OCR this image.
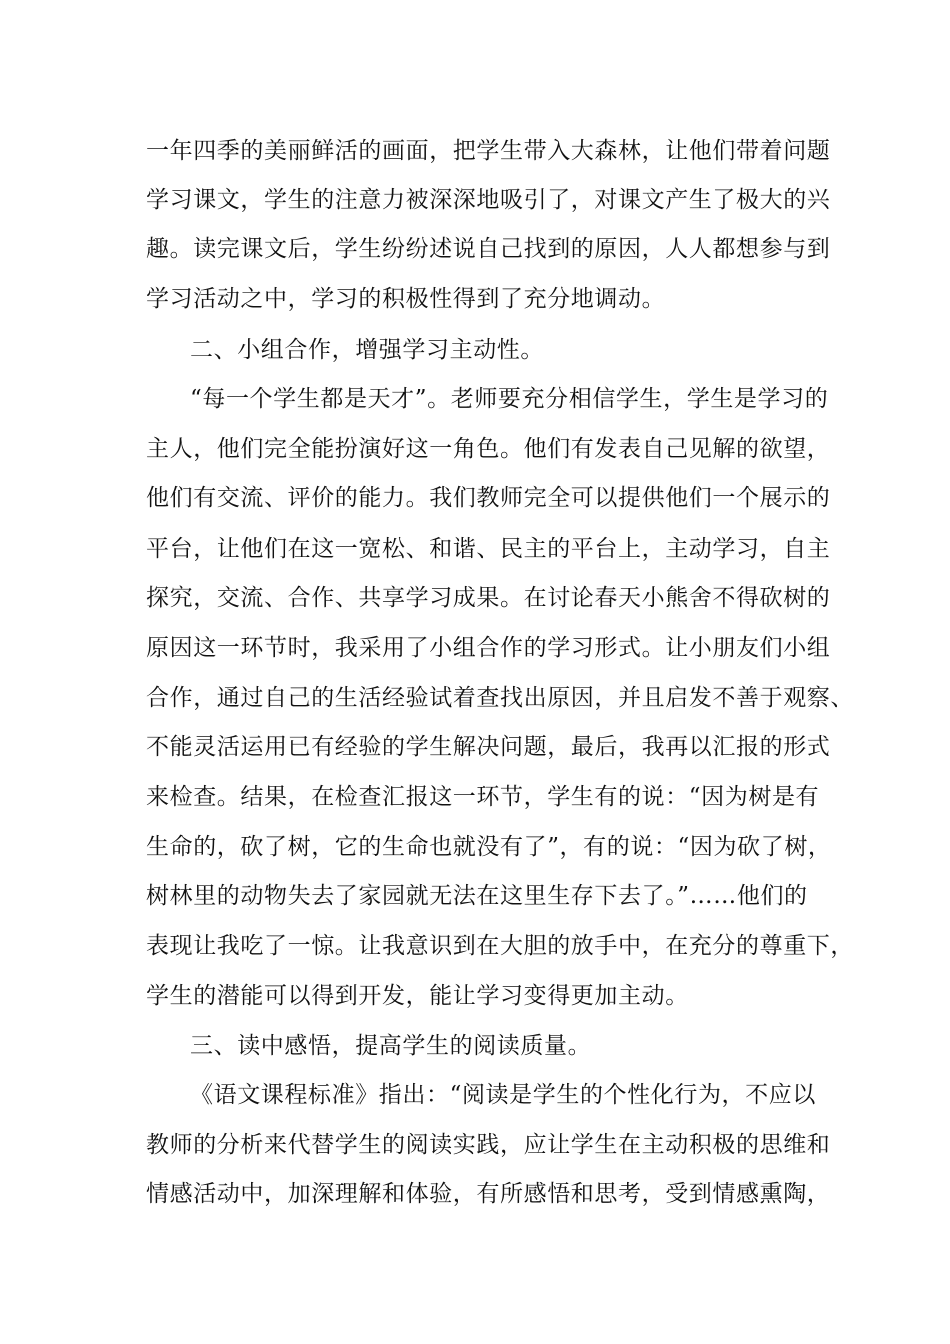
一年四季的美丽鲜活的画面，把学生带入大森林，让他们带着问题
学习课文，学生的注意力被深深地吸引了，对课文产生了极大的兴
趣。读完课文后，学生纷纷述说自己找到的原因，人人都想参与到
学习活动之中，学习的积极性得到了充分地调动。
二、小组合作，增强学习主动性。
“每一个学生都是天才”。老师要充分相信学生，学生是学习的
主人，他们完全能扮演好这一角色。他们有发表自己见解的欲望，
他们有交流、评价的能力。我们教师完全可以提供他们一个展示的
平台，让他们在这一宽松、和谐、民主的平台上，主动学习，自主
探究，交流、合作、共享学习成果。在讨论春天小熊舍不得砍树的
原因这一环节时，我采用了小组合作的学习形式。让小朋友们小组
合作，通过自己的生活经验试着查找出原因，并且启发不善于观察、
不能灵活运用已有经验的学生解决问题，最后，我再以汇报的形式
来检查。结果，在检查汇报这一环节，学生有的说：“因为树是有
生命的，砍了树，它的生命也就没有了”，有的说：“因为砍了树，
树林里的动物失去了家园就无法在这里生存下去了。”……他们的
表现让我吃了一惊。让我意识到在大胆的放手中，在充分的尊重下，
学生的潜能可以得到开发，能让学习变得更加主动。
三、读中感悟，提高学生的阅读质量。
《语文课程标准》指出：“阅读是学生的个性化行为，不应以
教师的分析来代替学生的阅读实践，应让学生在主动积极的思维和
情感活动中，加深理解和体验，有所感悟和思考，受到情感熏陶，
